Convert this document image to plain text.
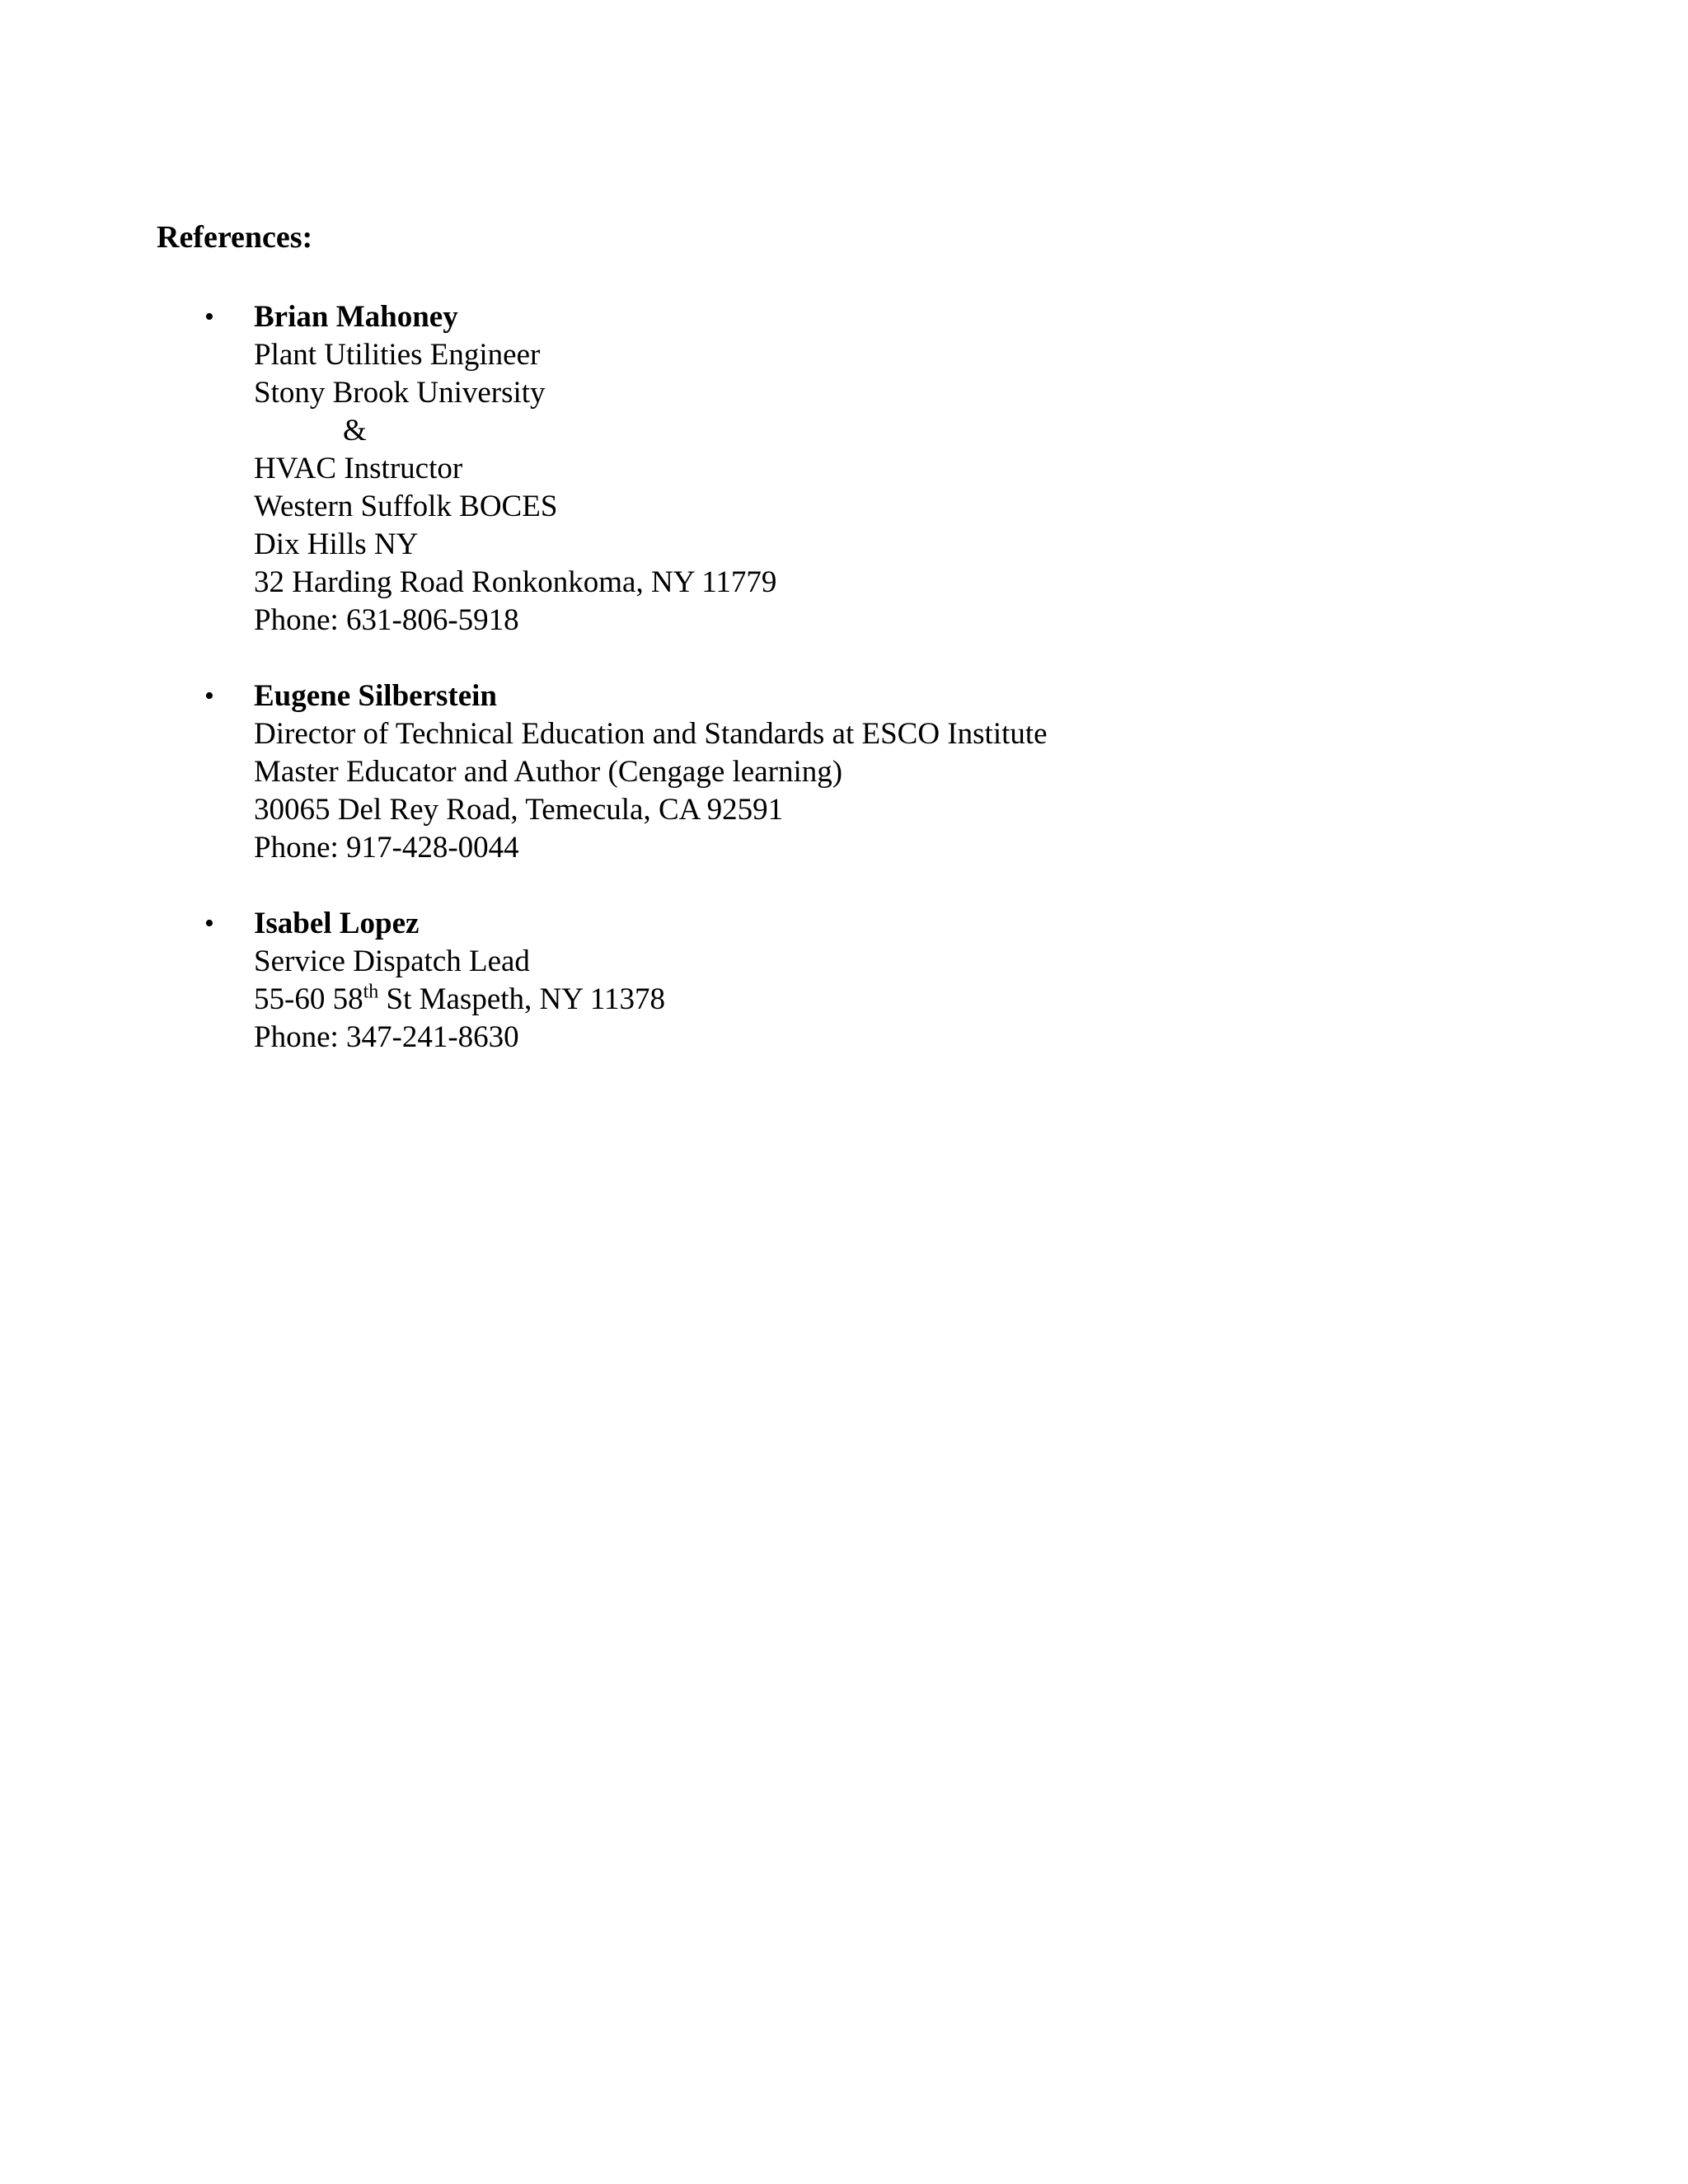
References:
• Brian Mahoney
Plant Utilities Engineer
Stony Brook University
&
HVAC Instructor
Western Suffolk BOCES
Dix Hills NY
32 Harding Road Ronkonkoma, NY 11779
Phone: 631-806-5918
• Eugene Silberstein
Director of Technical Education and Standards at ESCO Institute
Master Educator and Author (Cengage learning)
30065 Del Rey Road, Temecula, CA 92591
Phone: 917-428-0044
• Isabel Lopez
Service Dispatch Lead
55-60 58th St Maspeth, NY 11378
Phone: 347-241-8630
